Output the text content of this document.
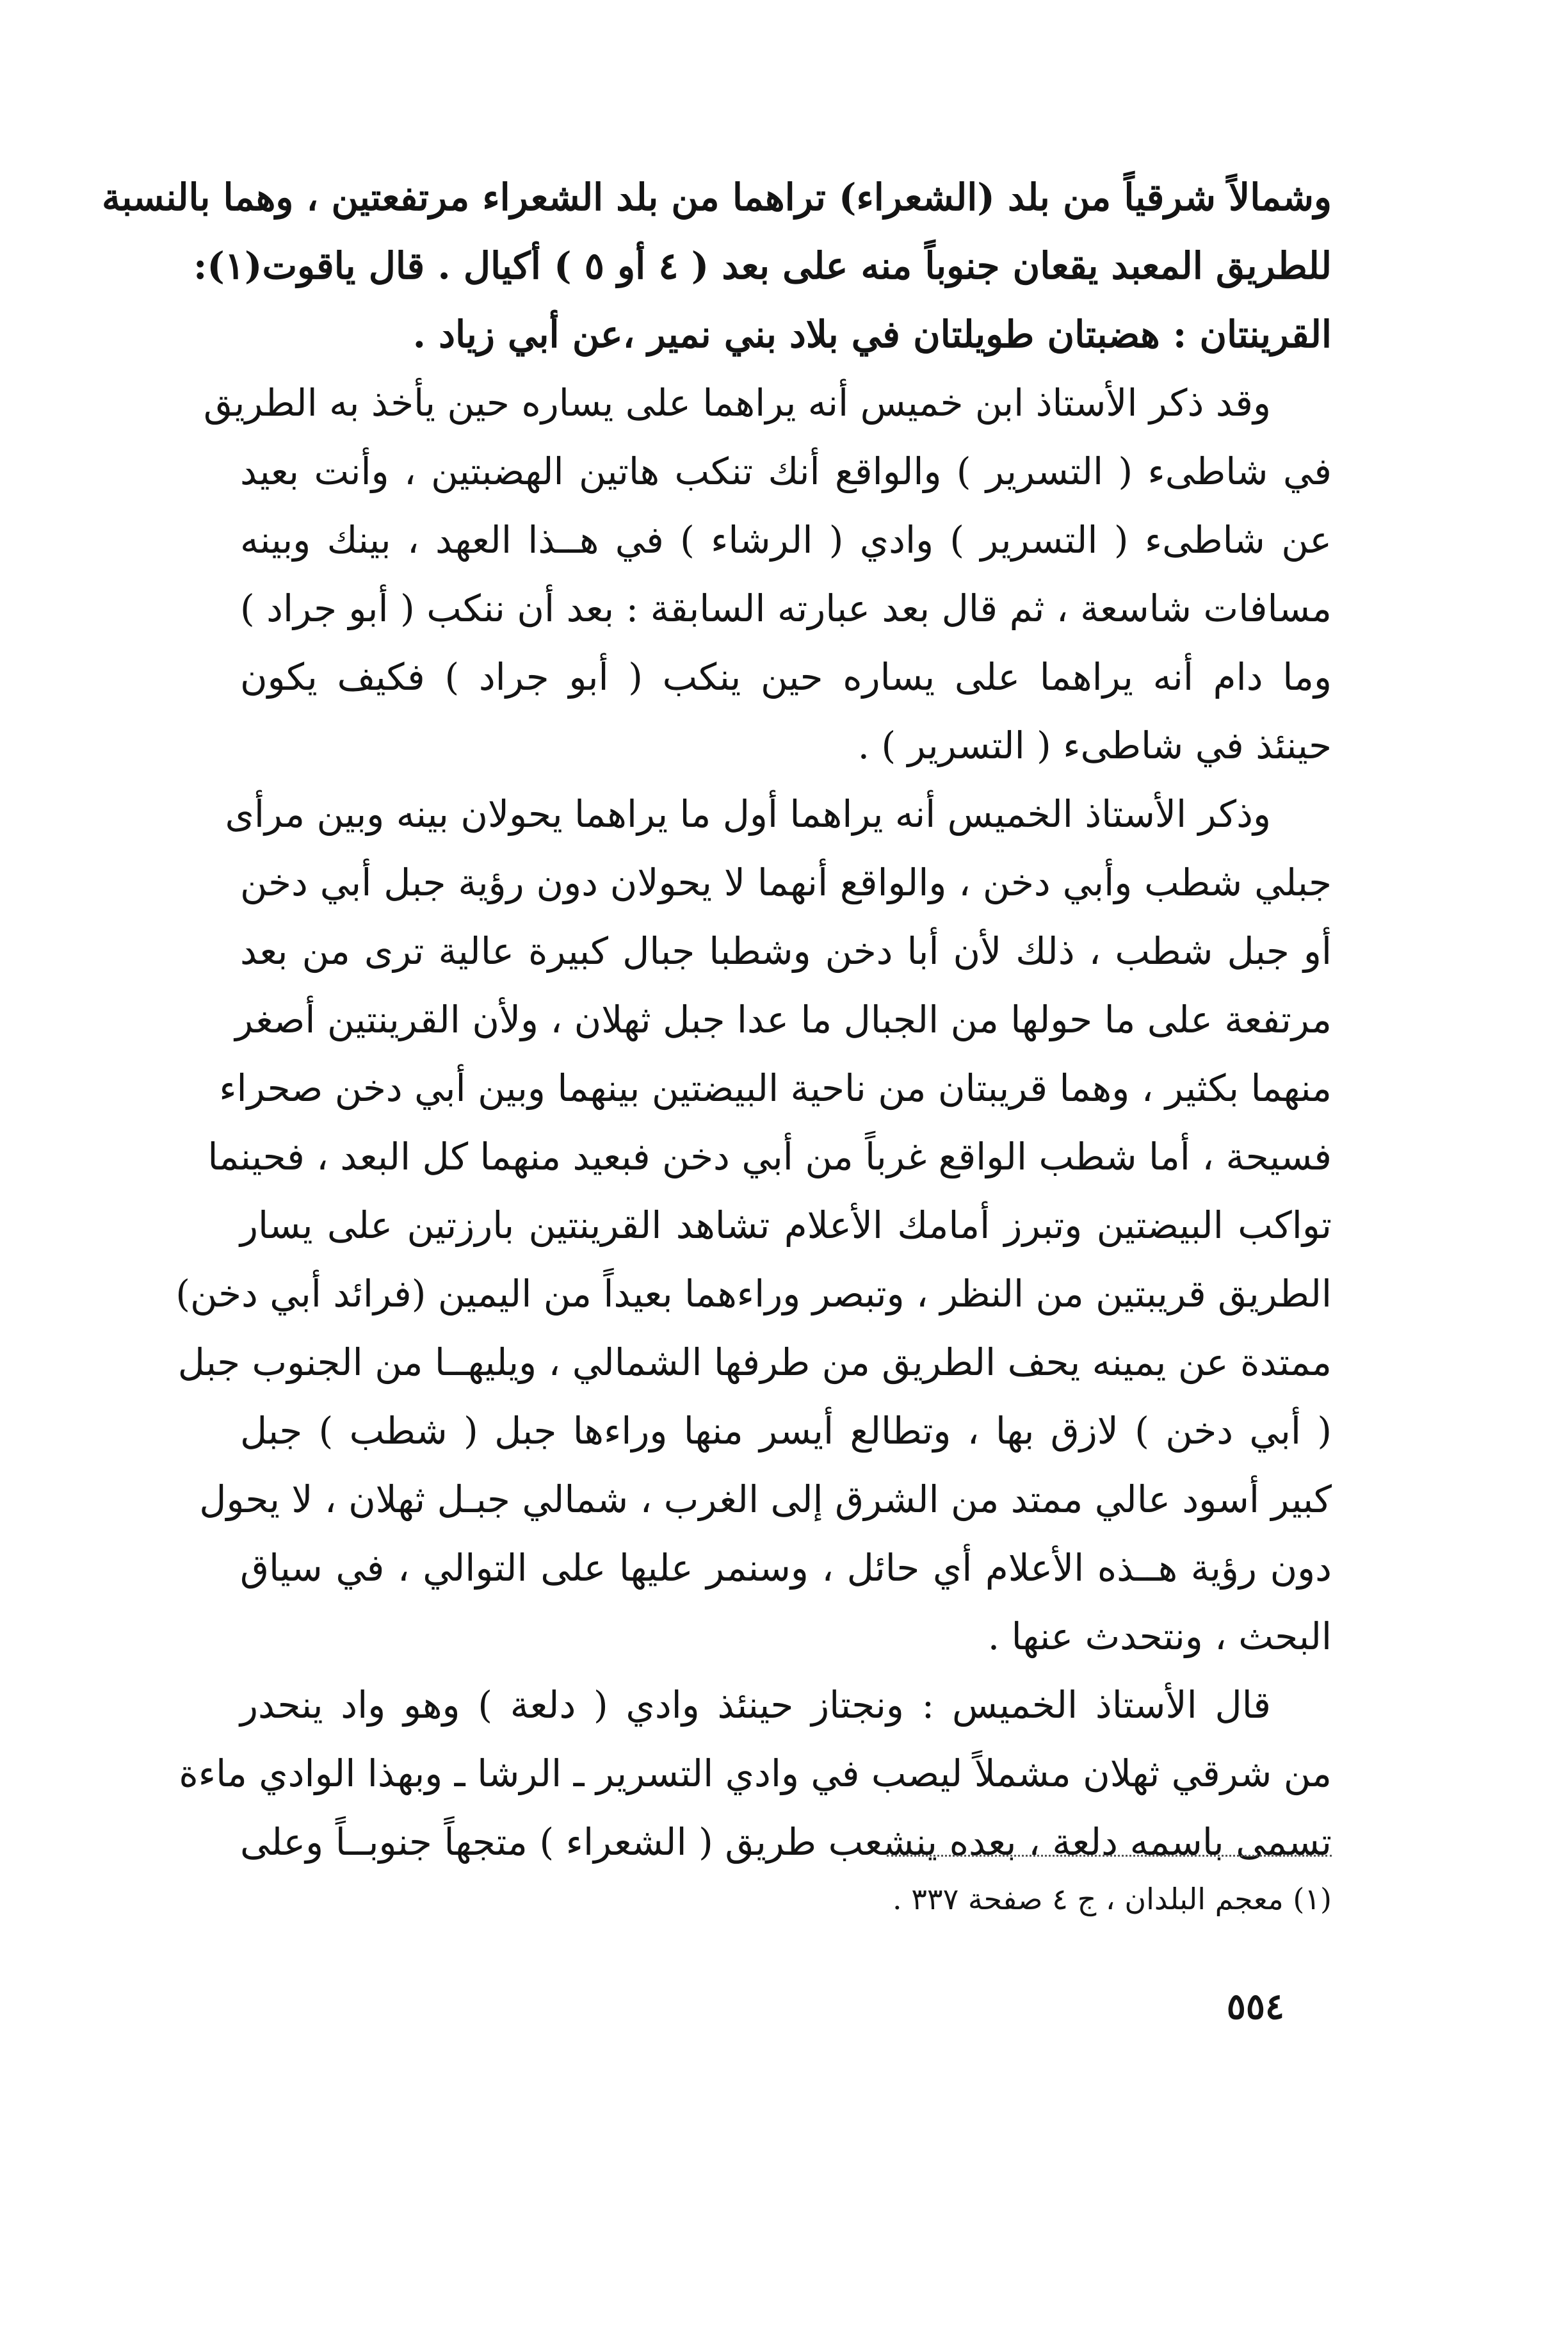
وشمالاً شرقياً من بلد (الشعراء) تراهما من بلد الشعراء مرتفعتين ، وهما بالنسبة
للطريق المعبد يقعان جنوباً منه على بعد ( ٤ أو ٥ ) أكيال . قال ياقوت(١):
القرينتان : هضبتان طويلتان في بلاد بني نمير ،عن أبي زياد .
وقد ذكر الأستاذ ابن خميس أنه يراهما على يساره حين يأخذ به الطريق
في شاطىء ( التسرير ) والواقع أنك تنكب هاتين الهضبتين ، وأنت بعيد
عن شاطىء ( التسرير ) وادي ( الرشاء ) في هــذا العهد ، بينك وبينه
مسافات شاسعة ، ثم قال بعد عبارته السابقة : بعد أن ننكب ( أبو جراد )
وما دام أنه يراهما على يساره حين ينكب ( أبو جراد ) فكيف يكون
حينئذ في شاطىء ( التسرير ) .
وذكر الأستاذ الخميس أنه يراهما أول ما يراهما يحولان بينه وبين مرأى
جبلي شطب وأبي دخن ، والواقع أنهما لا يحولان دون رؤية جبل أبي دخن
أو جبل شطب ، ذلك لأن أبا دخن وشطبا جبال كبيرة عالية ترى من بعد
مرتفعة على ما حولها من الجبال ما عدا جبل ثهلان ، ولأن القرينتين أصغر
منهما بكثير ، وهما قريبتان من ناحية البيضتين بينهما وبين أبي دخن صحراء
فسيحة ، أما شطب الواقع غرباً من أبي دخن فبعيد منهما كل البعد ، فحينما
تواكب البيضتين وتبرز أمامك الأعلام تشاهد القرينتين بارزتين على يسار
الطريق قريبتين من النظر ، وتبصر وراءهما بعيداً من اليمين (فرائد أبي دخن)
ممتدة عن يمينه يحف الطريق من طرفها الشمالي ، ويليهــا من الجنوب جبل
( أبي دخن ) لازق بها ، وتطالع أيسر منها وراءها جبل ( شطب ) جبل
كبير أسود عالي ممتد من الشرق إلى الغرب ، شمالي جبـل ثهلان ، لا يحول
دون رؤية هــذه الأعلام أي حائل ، وسنمر عليها على التوالي ، في سياق
البحث ، ونتحدث عنها .
قال الأستاذ الخميس : ونجتاز حينئذ وادي ( دلعة ) وهو واد ينحدر
من شرقي ثهلان مشملاً ليصب في وادي التسرير ـ الرشا ـ وبهذا الوادي ماءة
تسمى باسمه دلعة ، بعده ينشعب طريق ( الشعراء ) متجهاً جنوبــاً وعلى
(١) معجم البلدان ، ج ٤ صفحة ٣٣٧ .
٥٥٤
